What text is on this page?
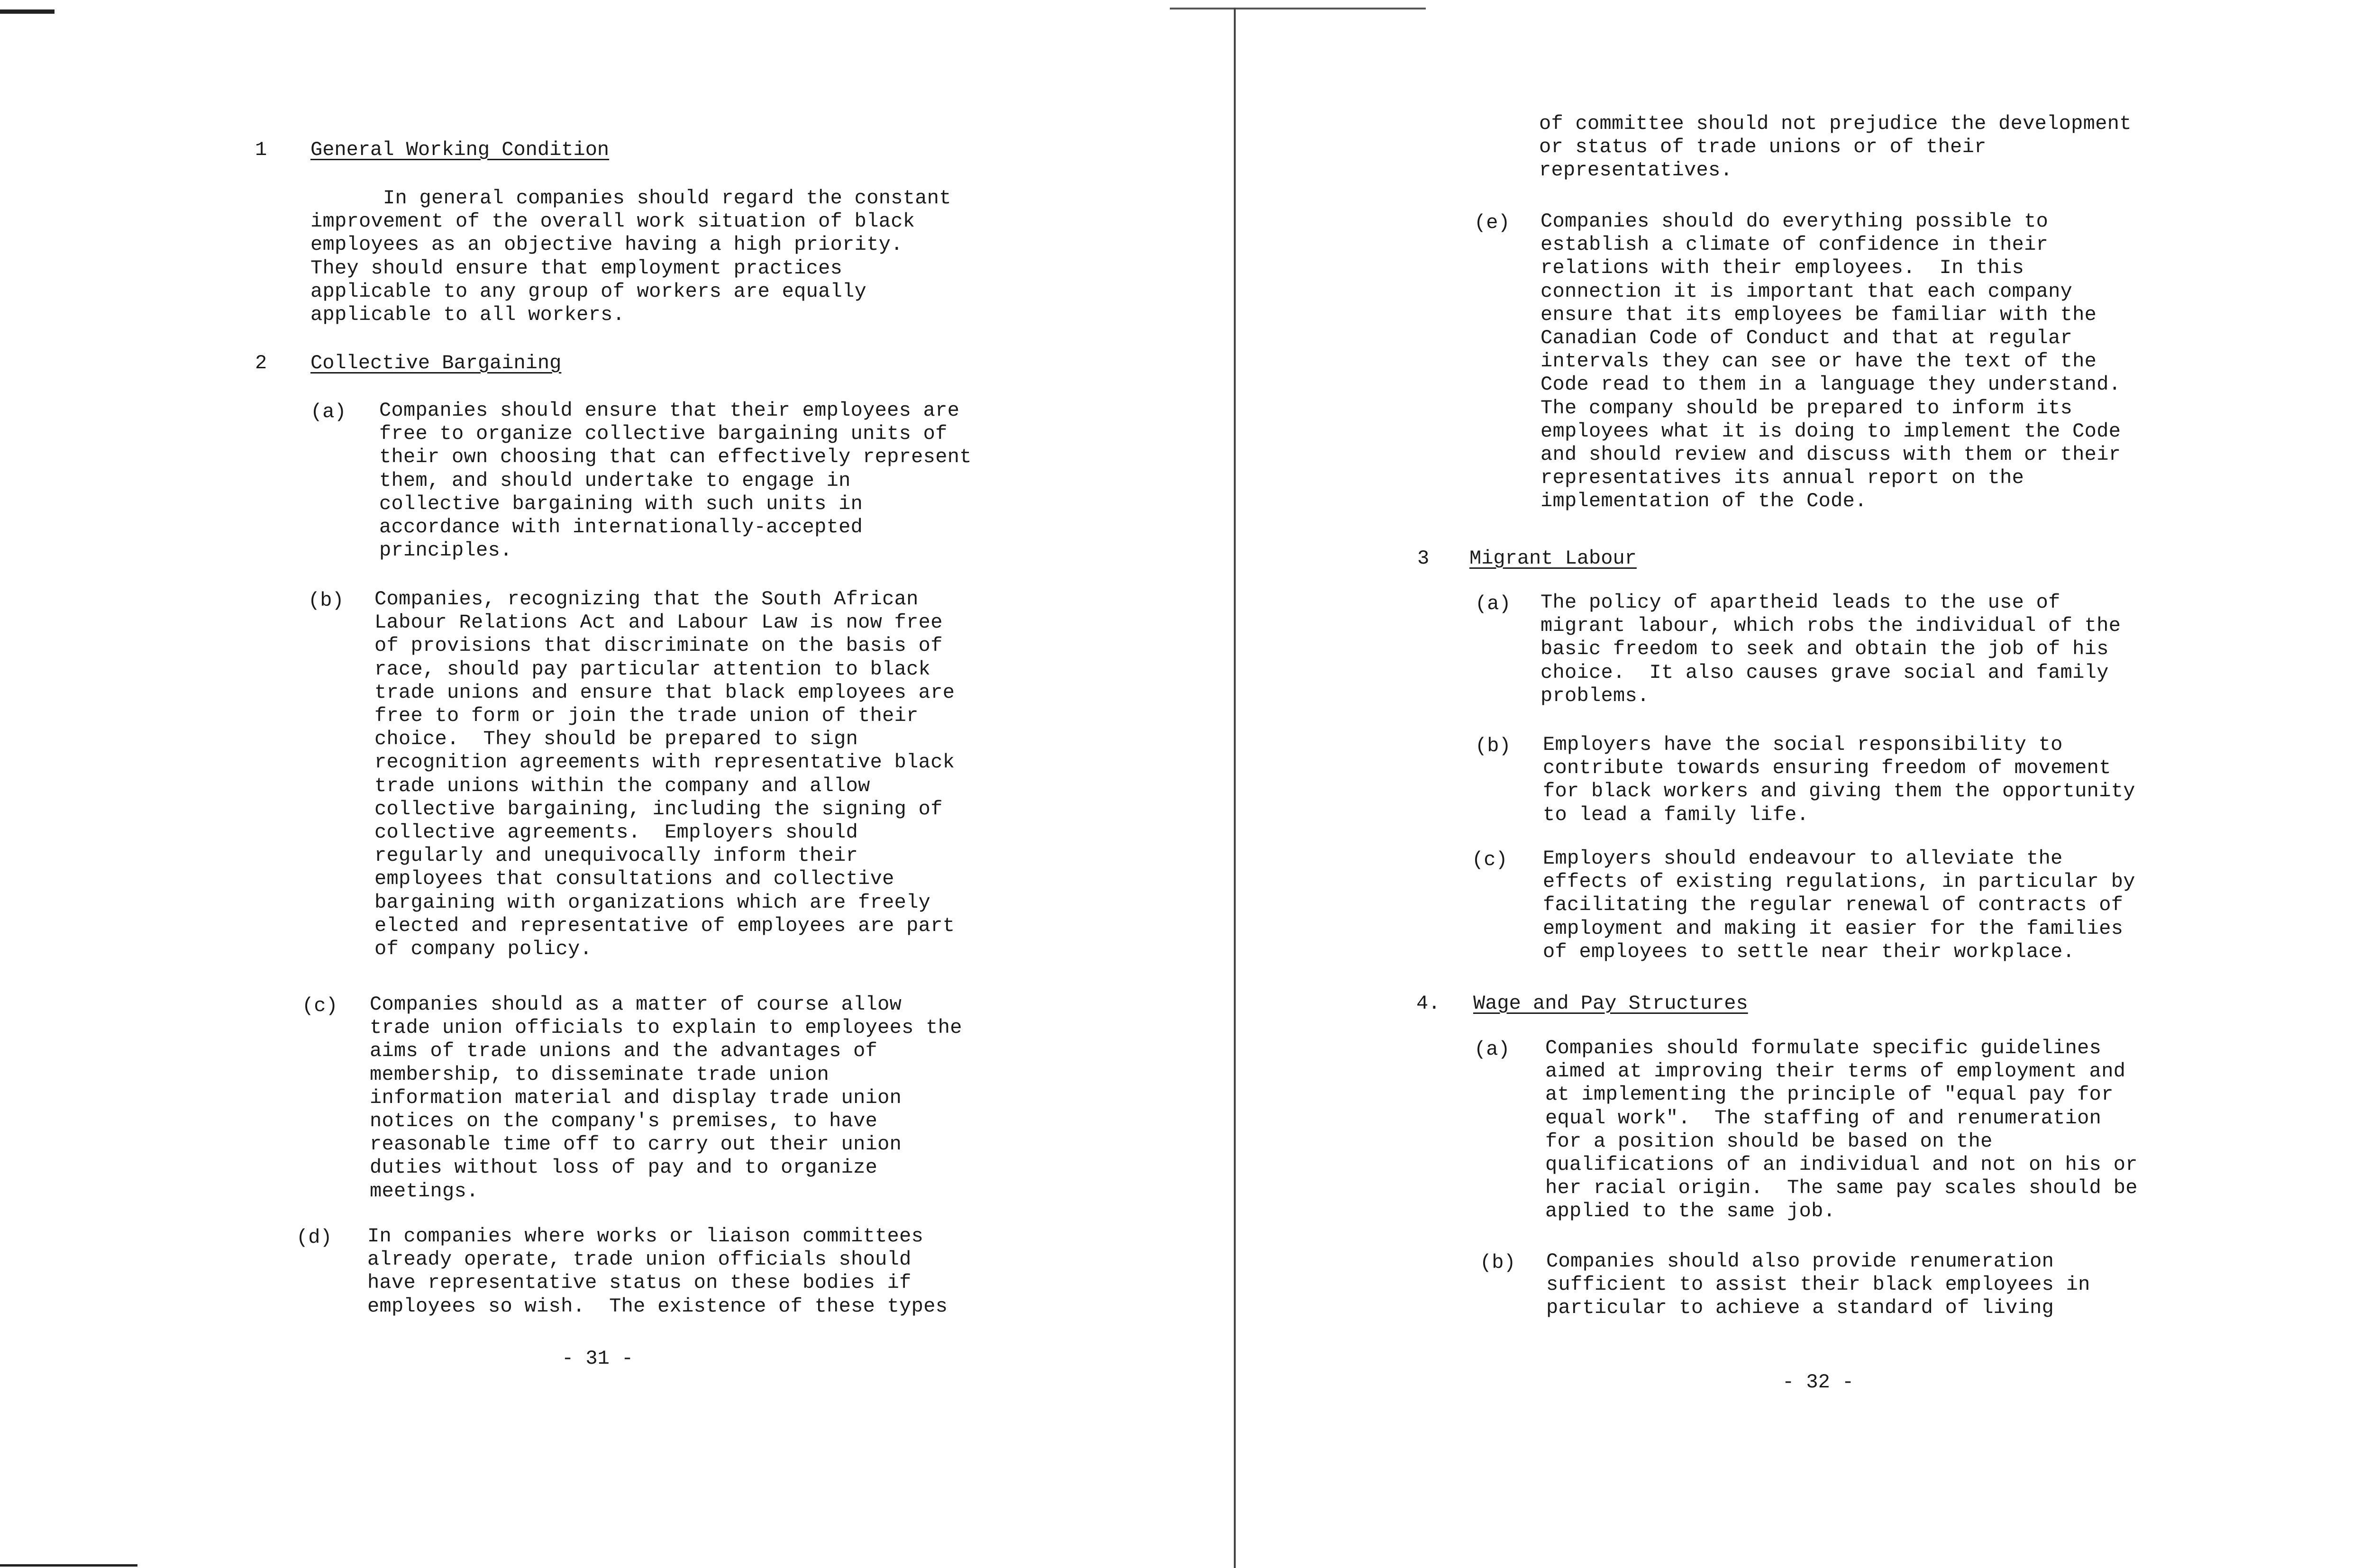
1 General Working Condition
In general companies should regard the constant
improvement of the overall work situation of black
employees as an objective having a high priority.
They should ensure that employment practices
applicable to any group of workers are equally
applicable to all workers.
2 Collective Bargaining
(a) Companies should ensure that their employees are
free to organize collective bargaining units of
their own choosing that can effectively represent
them, and should undertake to engage in
collective bargaining with such units in
accordance with internationally-accepted
principles.
(b) Companies, recognizing that the South African
Labour Relations Act and Labour Law is now free
of provisions that discriminate on the basis of
race, should pay particular attention to black
trade unions and ensure that black employees are
free to form or join the trade union of their
choice.  They should be prepared to sign
recognition agreements with representative black
trade unions within the company and allow
collective bargaining, including the signing of
collective agreements.  Employers should
regularly and unequivocally inform their
employees that consultations and collective
bargaining with organizations which are freely
elected and representative of employees are part
of company policy.
(c) Companies should as a matter of course allow
trade union officials to explain to employees the
aims of trade unions and the advantages of
membership, to disseminate trade union
information material and display trade union
notices on the company's premises, to have
reasonable time off to carry out their union
duties without loss of pay and to organize
meetings.
(d) In companies where works or liaison committees
already operate, trade union officials should
have representative status on these bodies if
employees so wish.  The existence of these types
- 31 -
of committee should not prejudice the development
or status of trade unions or of their
representatives.
(e) Companies should do everything possible to
establish a climate of confidence in their
relations with their employees.  In this
connection it is important that each company
ensure that its employees be familiar with the
Canadian Code of Conduct and that at regular
intervals they can see or have the text of the
Code read to them in a language they understand.
The company should be prepared to inform its
employees what it is doing to implement the Code
and should review and discuss with them or their
representatives its annual report on the
implementation of the Code.
3 Migrant Labour
(a) The policy of apartheid leads to the use of
migrant labour, which robs the individual of the
basic freedom to seek and obtain the job of his
choice.  It also causes grave social and family
problems.
(b) Employers have the social responsibility to
contribute towards ensuring freedom of movement
for black workers and giving them the opportunity
to lead a family life.
(c) Employers should endeavour to alleviate the
effects of existing regulations, in particular by
facilitating the regular renewal of contracts of
employment and making it easier for the families
of employees to settle near their workplace.
4. Wage and Pay Structures
(a) Companies should formulate specific guidelines
aimed at improving their terms of employment and
at implementing the principle of "equal pay for
equal work".  The staffing of and renumeration
for a position should be based on the
qualifications of an individual and not on his or
her racial origin.  The same pay scales should be
applied to the same job.
(b) Companies should also provide renumeration
sufficient to assist their black employees in
particular to achieve a standard of living
- 32 -
